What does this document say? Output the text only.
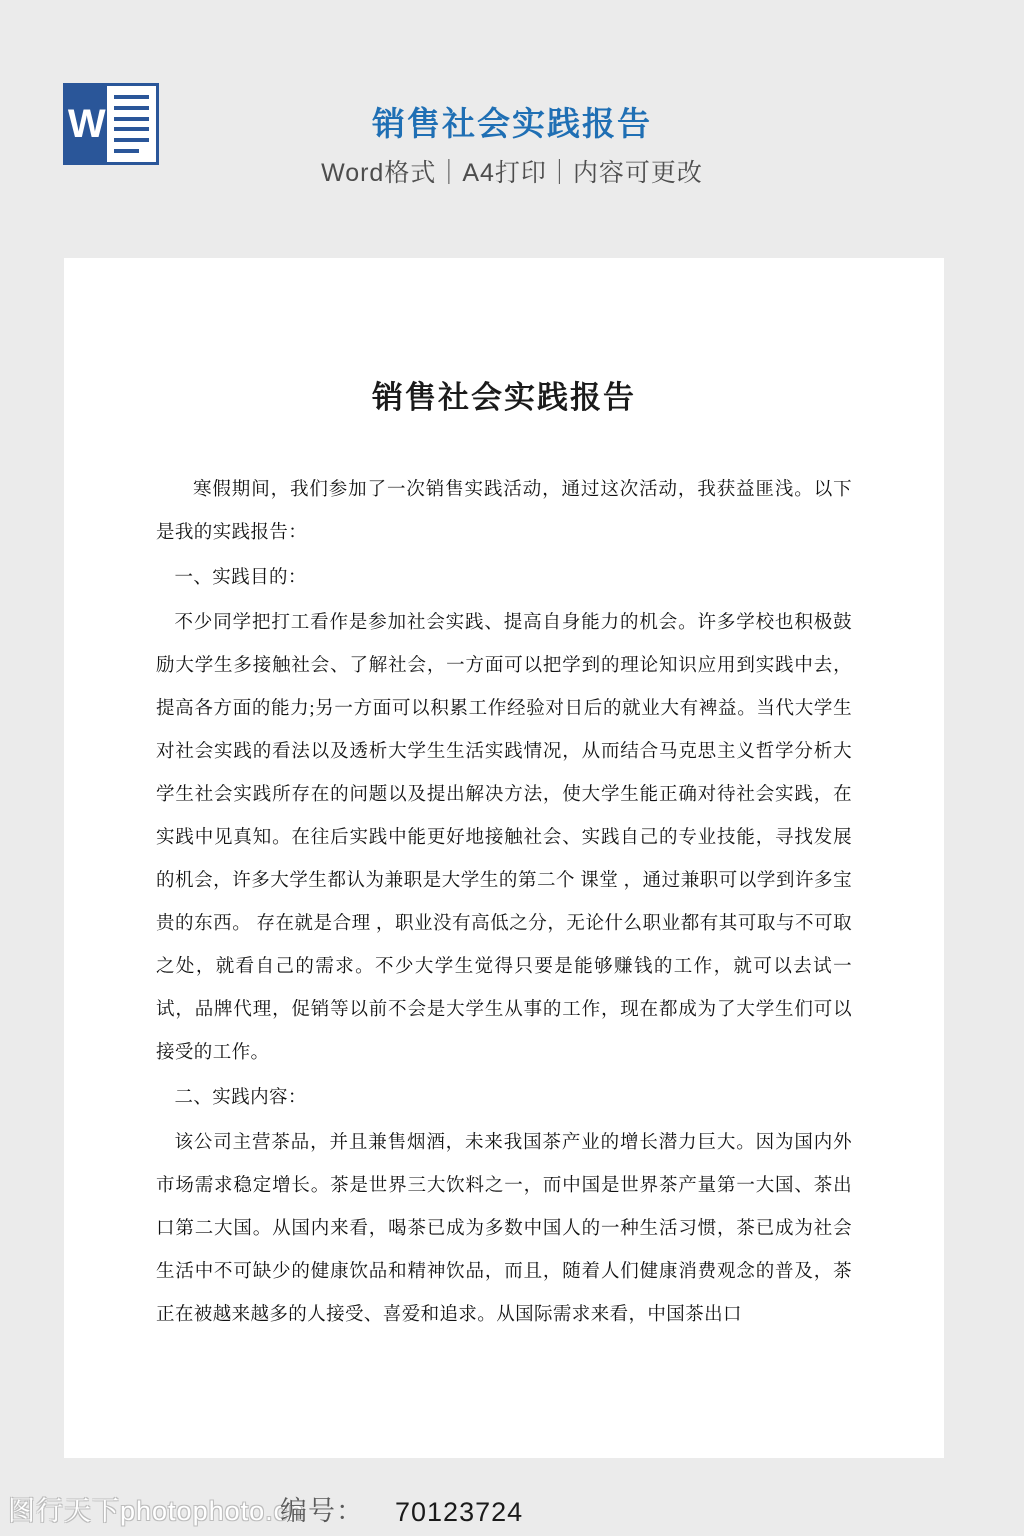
W	销售社会实践报告
Word格式｜A4打印｜内容可更改
销售社会实践报告

寒假期间，我们参加了一次销售实践活动，通过这次活动，我获益匪浅。以下是我的实践报告：

一、实践目的：

不少同学把打工看作是参加社会实践、提高自身能力的机会。许多学校也积极鼓励大学生多接触社会、了解社会，一方面可以把学到的理论知识应用到实践中去，提高各方面的能力;另一方面可以积累工作经验对日后的就业大有裨益。当代大学生对社会实践的看法以及透析大学生生活实践情况，从而结合马克思主义哲学分析大学生社会实践所存在的问题以及提出解决方法，使大学生能正确对待社会实践，在实践中见真知。在往后实践中能更好地接触社会、实践自己的专业技能，寻找发展的机会，许多大学生都认为兼职是大学生的第二个 课堂 ，通过兼职可以学到许多宝贵的东西。 存在就是合理 ，职业没有高低之分，无论什么职业都有其可取与不可取之处，就看自己的需求。不少大学生觉得只要是能够赚钱的工作，就可以去试一试，品牌代理，促销等以前不会是大学生从事的工作，现在都成为了大学生们可以接受的工作。

二、实践内容：

该公司主营茶品，并且兼售烟酒，未来我国茶产业的增长潜力巨大。因为国内外市场需求稳定增长。茶是世界三大饮料之一，而中国是世界茶产量第一大国、茶出口第二大国。从国内来看，喝茶已成为多数中国人的一种生活习惯，茶已成为社会生活中不可缺少的健康饮品和精神饮品，而且，随着人们健康消费观念的普及，茶正在被越来越多的人接受、喜爱和追求。从国际需求来看，中国茶出口

图行天下photophoto.cn
编号： 70123724
